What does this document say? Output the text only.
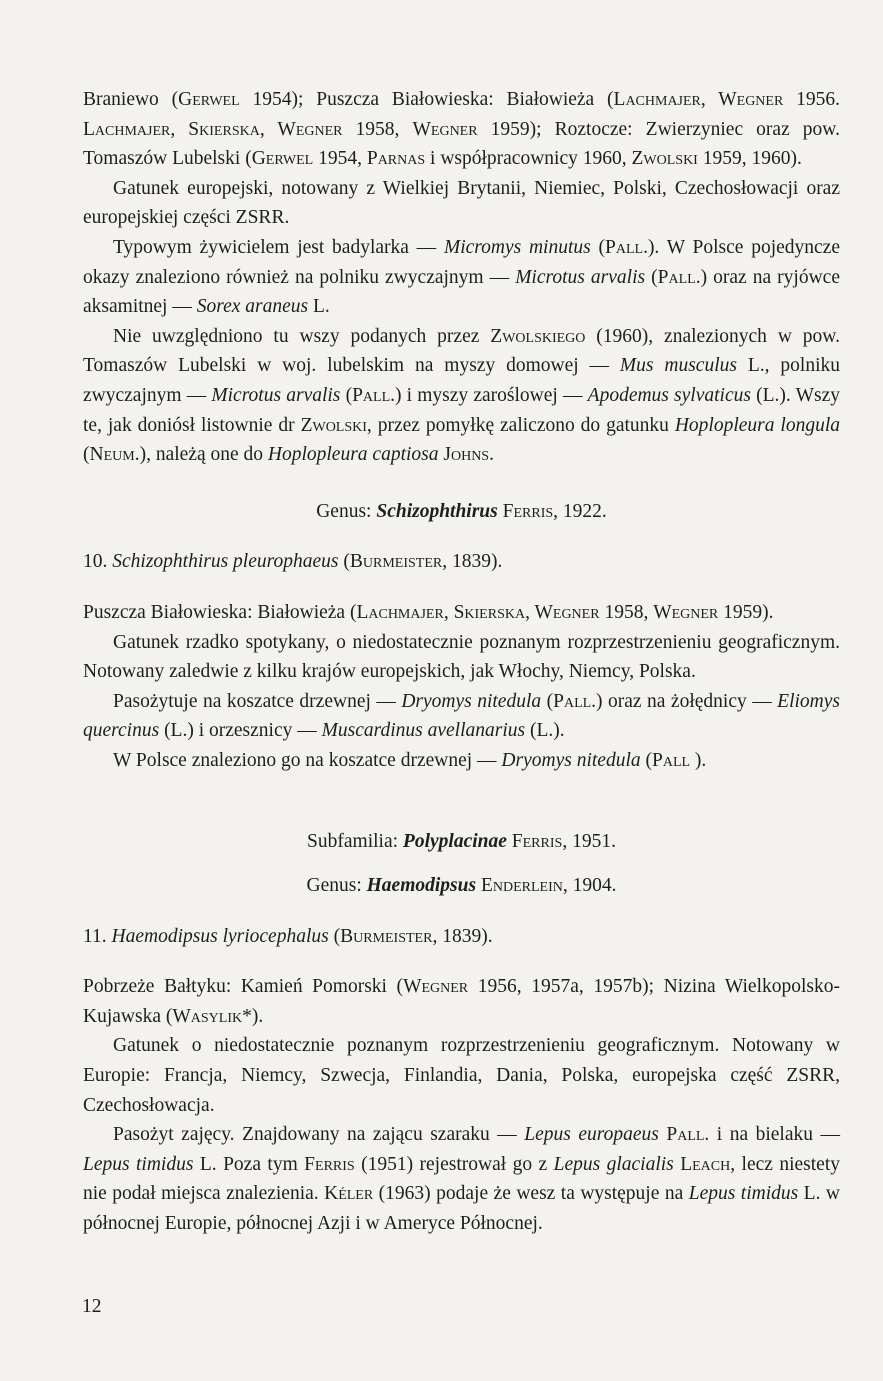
Braniewo (Gerwel 1954); Puszcza Białowieska: Białowieża (Lachmajer, Wegner 1956. Lachmajer, Skierska, Wegner 1958, Wegner 1959); Roztocze: Zwierzyniec oraz pow. Tomaszów Lubelski (Gerwel 1954, Parnas i współpracownicy 1960, Zwolski 1959, 1960).

Gatunek europejski, notowany z Wielkiej Brytanii, Niemiec, Polski, Czechosłowacji oraz europejskiej części ZSRR.

Typowym żywicielem jest badylarka — Micromys minutus (Pall.). W Polsce pojedyncze okazy znaleziono również na polniku zwyczajnym — Microtus arvalis (Pall.) oraz na ryjówce aksamitnej — Sorex araneus L.

Nie uwzględniono tu wszy podanych przez Zwolskiego (1960), znalezionych w pow. Tomaszów Lubelski w woj. lubelskim na myszy domowej — Mus musculus L., polniku zwyczajnym — Microtus arvalis (Pall.) i myszy zaroślowej — Apodemus sylvaticus (L.). Wszy te, jak doniósł listownie dr Zwolski, przez pomyłkę zaliczono do gatunku Hoplopleura longula (Neum.), należą one do Hoplopleura captiosa Johns.

Genus: Schizophthirus Ferris, 1922.

10. Schizophthirus pleurophaeus (Burmeister, 1839).

Puszcza Białowieska: Białowieża (Lachmajer, Skierska, Wegner 1958, Wegner 1959).

Gatunek rzadko spotykany, o niedostatecznie poznanym rozprzestrzenieniu geograficznym. Notowany zaledwie z kilku krajów europejskich, jak Włochy, Niemcy, Polska.

Pasożytuje na koszatce drzewnej — Dryomys nitedula (Pall.) oraz na żołędnicy — Eliomys quercinus (L.) i orzesznicy — Muscardinus avellanarius (L.).

W Polsce znaleziono go na koszatce drzewnej — Dryomys nitedula (Pall ).

Subfamilia: Polyplacinae Ferris, 1951.

Genus: Haemodipsus Enderlein, 1904.

11. Haemodipsus lyriocephalus (Burmeister, 1839).

Pobrzeże Bałtyku: Kamień Pomorski (Wegner 1956, 1957a, 1957b); Nizina Wielkopolsko-Kujawska (Wasylik*).

Gatunek o niedostatecznie poznanym rozprzestrzenieniu geograficznym. Notowany w Europie: Francja, Niemcy, Szwecja, Finlandia, Dania, Polska, europejska część ZSRR, Czechosłowacja.

Pasożyt zajęcy. Znajdowany na zającu szaraku — Lepus europaeus Pall. i na bielaku — Lepus timidus L. Poza tym Ferris (1951) rejestrował go z Lepus glacialis Leach, lecz niestety nie podał miejsca znalezienia. Kéler (1963) podaje że wesz ta występuje na Lepus timidus L. w północnej Europie, północnej Azji i w Ameryce Północnej.

12
